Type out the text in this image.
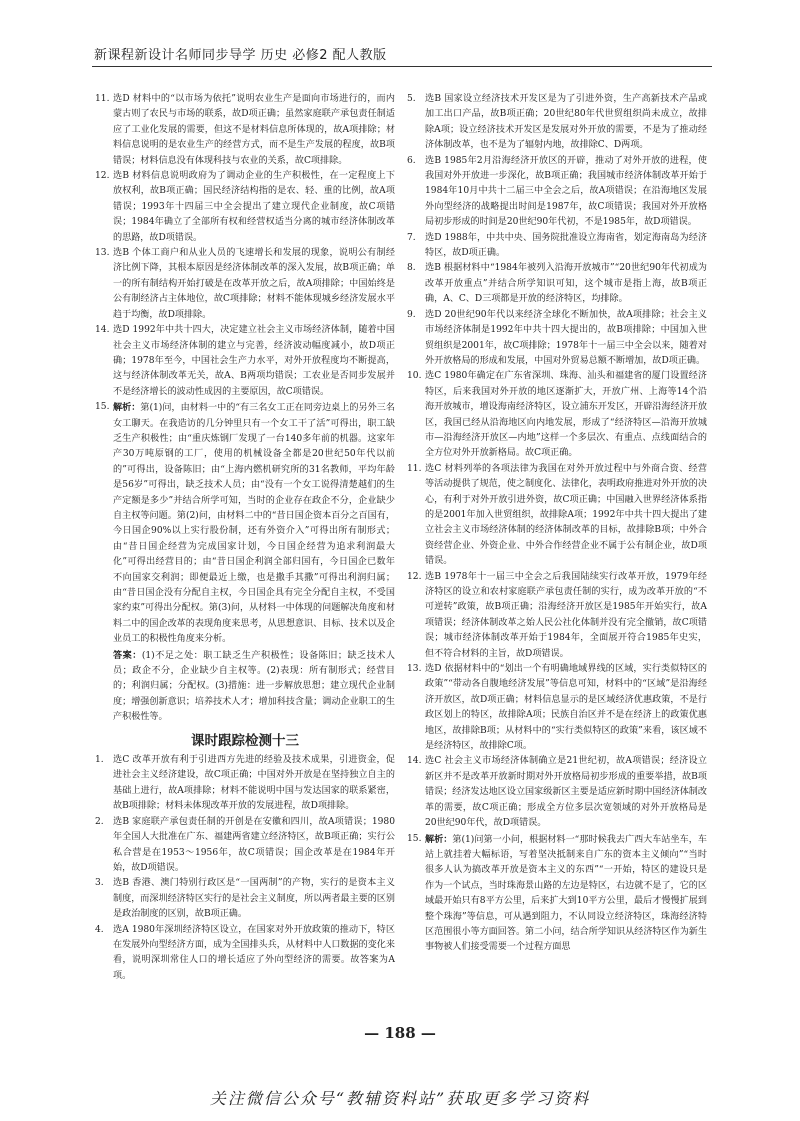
新课程新设计名师同步导学 历史 必修2 配人教版
11. 选D 材料中的“以市场为依托”说明农业生产是面向市场进行的，而内蒙古则了农民与市场的联系，故D项正确；虽然家庭联产承包责任制适应了工业化发展的需要，但这不是材料信息所体现的，故A项排除；材料信息说明的是农业生产的经营方式，而不是生产发展的程度，故B项错误；材料信息没有体现科技与农业的关系，故C项排除。
12. 选B 材料信息说明政府为了调动企业的生产积极性，在一定程度上下放权利，故B项正确；国民经济结构指的是农、轻、重的比例，故A项错误；1993年十四届三中全会提出了建立现代企业制度，故C项错误；1984年确立了全部所有权和经营权适当分离的城市经济体制改革的思路，故D项错误。
13. 选B 个体工商户和从业人员的飞速增长和发展的现象，说明公有制经济比例下降，其根本原因是经济体制改革的深入发展，故B项正确；单一的所有制结构开始打破是在改革开放之后，故A项排除；中国始终是公有制经济占主体地位，故C项排除；材料不能体现城乡经济发展水平趋于均衡，故D项排除。
14. 选D 1992年中共十四大，决定建立社会主义市场经济体制，随着中国社会主义市场经济体制的建立与完善，经济波动幅度减小，故D项正确；1978年至今，中国社会生产力水平，对外开放程度均不断提高，这与经济体制改革无关，故A、B两项均错误；工农业是否同步发展并不是经济增长的波动性成因的主要原因，故C项错误。
15. 解析：第(1)问，由材料一中的“有三名女工正在同旁边桌上的另外三名女工聊天。在我造访的几分钟里只有一个女工干了活”可得出，职工缺乏生产积极性；由“重庆炼钢厂发现了一台140多年前的机器。这家年产30万吨原钢的工厂，使用的机械设备全都是20世纪50年代以前的”可得出，设备陈旧；由“上海内燃机研究所的31名教师，平均年龄是56岁”可得出，缺乏技术人员；由“没有一个女工说得清楚越们的生产定额是多少”并结合所学可知，当时的企业存在政企不分，企业缺少自主权等问题。第(2)问，由材料二中的“昔日国企资本百分之百国有，今日国企90%以上实行股份制，还有外资介入”可得出所有制形式；由“昔日国企经营为完成国家计划，今日国企经营为追求利润最大化”可得出经营目的；由“昔日国企利润全部归国有，今日国企已数年不向国家交利润；即便最近上缴，也是撒手其撒”可得出利润归属；由“昔日国企没有分配自主权，今日国企具有完全分配自主权，不受国家约束”可得出分配权。第(3)问，从材料一中体现的问题解决角度和材料二中的国企改革的表现角度来思考，从思想意识、目标、技术以及企业员工的积极性角度来分析。
答案：(1)不足之处：职工缺乏生产积极性；设备陈旧；缺乏技术人员；政企不分，企业缺少自主权等。(2)表现：所有制形式；经营目的；利润归属；分配权。(3)措施：进一步解放思想；建立现代企业制度；增强创新意识；培养技术人才；增加科技含量；调动企业职工的生产积极性等。
课时跟踪检测十三
1. 选C 改革开放有利于引进西方先进的经验及技术成果，引进资金，促进社会主义经济建设，故C项正确；中国对外开放是在坚持独立自主的基础上进行，故A项排除；材料不能说明中国与发达国家的联系紧密，故B项排除；材料未体现改革开放的发展进程，故D项排除。
2. 选B 家庭联产承包责任制的开创是在安徽和四川，故A项错误；1980年全国人大批准在广东、福建两省建立经济特区，故B项正确；实行公私合营是在1953～1956年，故C项错误；国企改革是在1984年开始，故D项错误。
3. 选B 香港、澳门特别行政区是“一国两制”的产物，实行的是资本主义制度，而深圳经济特区实行的是社会主义制度，所以两者最主要的区别是政治制度的区别，故B项正确。
4. 选A 1980年深圳经济特区设立，在国家对外开放政策的推动下，特区在发展外向型经济方面，成为全国排头兵，从材料中人口数据的变化来看，说明深圳常住人口的增长适应了外向型经济的需要。故答案为A项。
5. 选B 国家设立经济技术开发区是为了引进外资，生产高新技术产品或加工出口产品，故B项正确；20世纪80年代世贸组织尚未成立，故排除A项；设立经济技术开发区是发展对外开放的需要，不是为了推动经济体制改革，也不是为了辐射内地，故排除C、D两项。
6. 选B 1985年2月沿海经济开放区的开辟，推动了对外开放的进程，使我国对外开放进一步深化，故B项正确；我国城市经济体制改革开始于1984年10月中共十二届三中全会之后，故A项错误；在沿海地区发展外向型经济的战略提出时间是1987年，故C项错误；我国对外开放格局初步形成的时间是20世纪90年代初，不是1985年，故D项错误。
7. 选D 1988年，中共中央、国务院批准设立海南省，划定海南岛为经济特区，故D项正确。
8. 选B 根据材料中“1984年被列入沿海开放城市”“20世纪90年代初成为改革开放重点”并结合所学知识可知，这个城市是指上海，故B项正确，A、C、D三项都是开放的经济特区，均排除。
9. 选D 20世纪90年代以来经济全球化不断加快，故A项排除；社会主义市场经济体制是1992年中共十四大提出的，故B项排除；中国加入世贸组织是2001年，故C项排除；1978年十一届三中全会以来，随着对外开放格局的形成和发展，中国对外贸易总额不断增加，故D项正确。
10. 选C 1980年确定在广东省深圳、珠海、汕头和福建省的厦门设置经济特区，后来我国对外开放的地区逐渐扩大，开放广州、上海等14个沿海开放城市，增设海南经济特区，设立浦东开发区，开辟沿海经济开放区，我国已经从沿海地区向内地发展，形成了“经济特区—沿海开放城市—沿海经济开放区—内地”这样一个多层次、有重点、点线面结合的全方位对外开放新格局。故C项正确。
11. 选C 材料列举的各项法律为我国在对外开放过程中与外商合资、经营等活动提供了规范，使之制度化、法律化，表明政府推进对外开放的决心，有利于对外开放引进外资，故C项正确；中国融入世界经济体系指的是2001年加入世贸组织，故排除A项；1992年中共十四大提出了建立社会主义市场经济体制的经济体制改革的目标，故排除B项；中外合资经营企业、外资企业、中外合作经营企业不属于公有制企业，故D项错误。
12. 选B 1978年十一届三中全会之后我国陆续实行改革开放，1979年经济特区的设立和农村家庭联产承包责任制的实行，成为改革开放的“不可逆转”政策，故B项正确；沿海经济开放区是1985年开始实行，故A项错误；经济体制改革之始人民公社化体制并没有完全撤销，故C项错误；城市经济体制改革开始于1984年，全面展开符合1985年史实，但不符合材料的主旨，故D项错误。
13. 选D 依据材料中的“划出一个有明确地域界线的区域，实行类似特区的政策”“带动各自腹地经济发展”等信息可知，材料中的“区域”是沿海经济开放区，故D项正确；材料信息显示的是区域经济优惠政策，不是行政区划上的特区，故排除A项；民族自治区并不是在经济上的政策优惠地区，故排除B项；从材料中的“实行类似特区的政策”来看，该区域不是经济特区，故排除C项。
14. 选C 社会主义市场经济体制确立是21世纪初，故A项错误；经济设立新区并不是改革开放新时期对外开放格局初步形成的重要举措，故B项错误；经济发达地区设立国家级新区主要是适应新时期中国经济体制改革的需要，故C项正确；形成全方位多层次宽领域的对外开放格局是20世纪90年代，故D项错误。
15. 解析：第(1)问第一小问，根据材料一“那时候我去广西大车站坐车，车站上就挂着大幅标语，写着坚决抵制来自广东的资本主义倾向”“当时很多人认为搞改革开放是资本主义的东西”“一开始，特区的建设只是作为一个试点，当时珠海景山路的左边是特区，右边就不是了，它的区域最开始只有8平方公里，后来扩大到10平方公里，最后才慢慢扩展到整个珠海”等信息，可从遇到阻力，不认同设立经济特区，珠海经济特区范围很小等方面回答。第二小问，结合所学知识从经济特区作为新生事物被人们接受需要一个过程方面思
— 188 —
关注微信公众号“教辅资料站”获取更多学习资料
